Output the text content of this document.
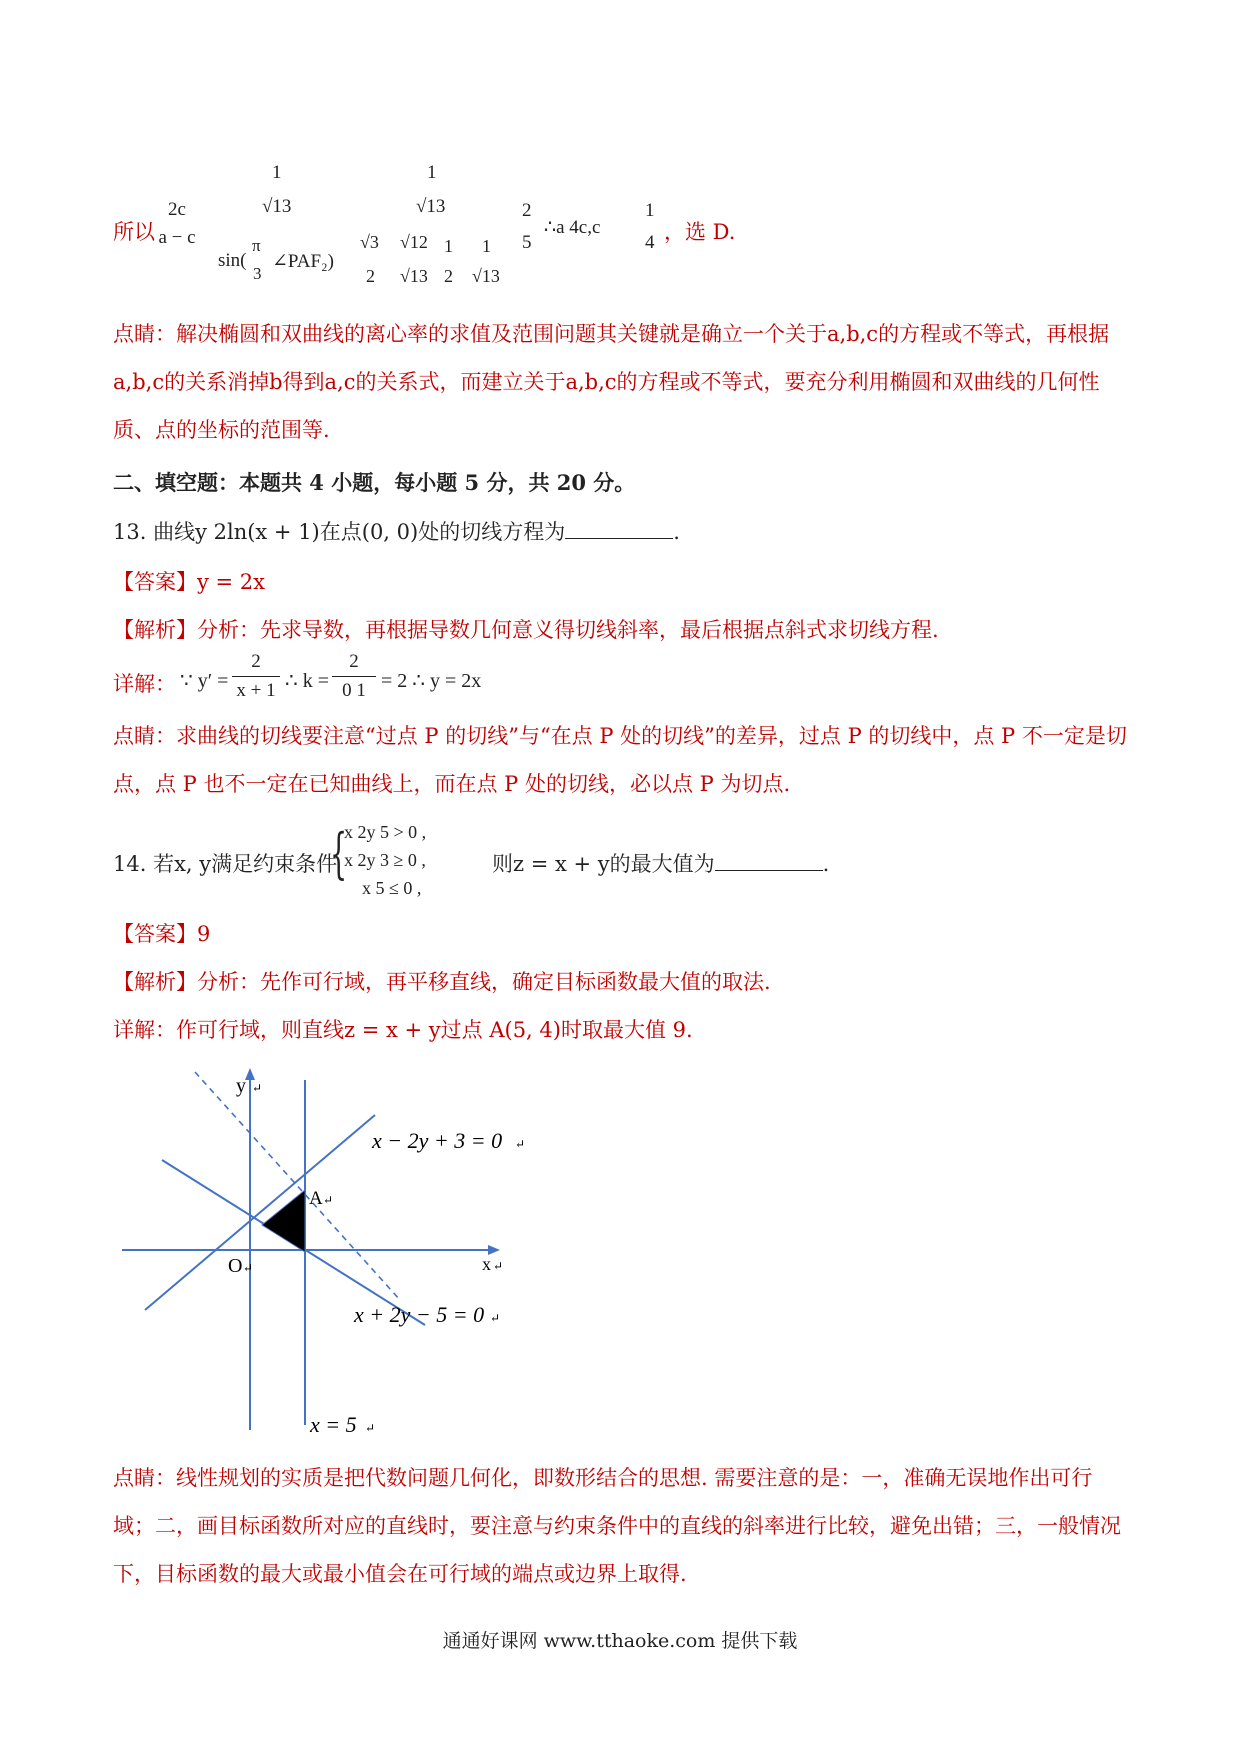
所以
2c
a − c
1
√13
sin(
π
3
∠PAF₂)
1
√13
√3
2
√12
√13
1
2
1
√13
2
5
∴a 4c,c
1
4 ，选 D.
点睛：解决椭圆和双曲线的离心率的求值及范围问题其关键就是确立一个关于a,b,c的方程或不等式，再根据a,b,c的关系消掉b得到a,c的关系式，而建立关于a,b,c的方程或不等式，要充分利用椭圆和双曲线的几何性质、点的坐标的范围等.
二、填空题：本题共 4 小题，每小题 5 分，共 20 分。
13. 曲线y 2ln(x + 1)在点(0, 0)处的切线方程为	.
【答案】y = 2x
【解析】分析：先求导数，再根据导数几何意义得切线斜率，最后根据点斜式求切线方程.
详解： ∵ $y' = \frac{2}{x + 1}$ ∴ $k = \frac{2}{0 1} = 2$ ∴ y = 2x
点睛：求曲线的切线要注意“过点 P 的切线”与“在点 P 处的切线”的差异，过点 P 的切线中，点 P 不一定是切点，点 P 也不一定在已知曲线上，而在点 P 处的切线，必以点 P 为切点.
14. 若x, y满足约束条件
{
x 2y 5 > 0 ,
x 2y 3 ≥ 0 ,
x 5 ≤ 0 ,
则z = x + y的最大值为	.
【答案】9
【解析】分析：先作可行域，再平移直线，确定目标函数最大值的取法.
详解：作可行域，则直线z = x + y过点 A(5, 4)时取最大值 9.
y ↵
x ↵
O ↵
A ↵
x − 2y + 3 = 0 ↵
x + 2y − 5 = 0 ↵
x = 5 ↵
点睛：线性规划的实质是把代数问题几何化，即数形结合的思想. 需要注意的是：一，准确无误地作出可行域；二，画目标函数所对应的直线时，要注意与约束条件中的直线的斜率进行比较，避免出错；三，一般情况下，目标函数的最大或最小值会在可行域的端点或边界上取得.
通通好课网 www.tthaoke.com 提供下载
